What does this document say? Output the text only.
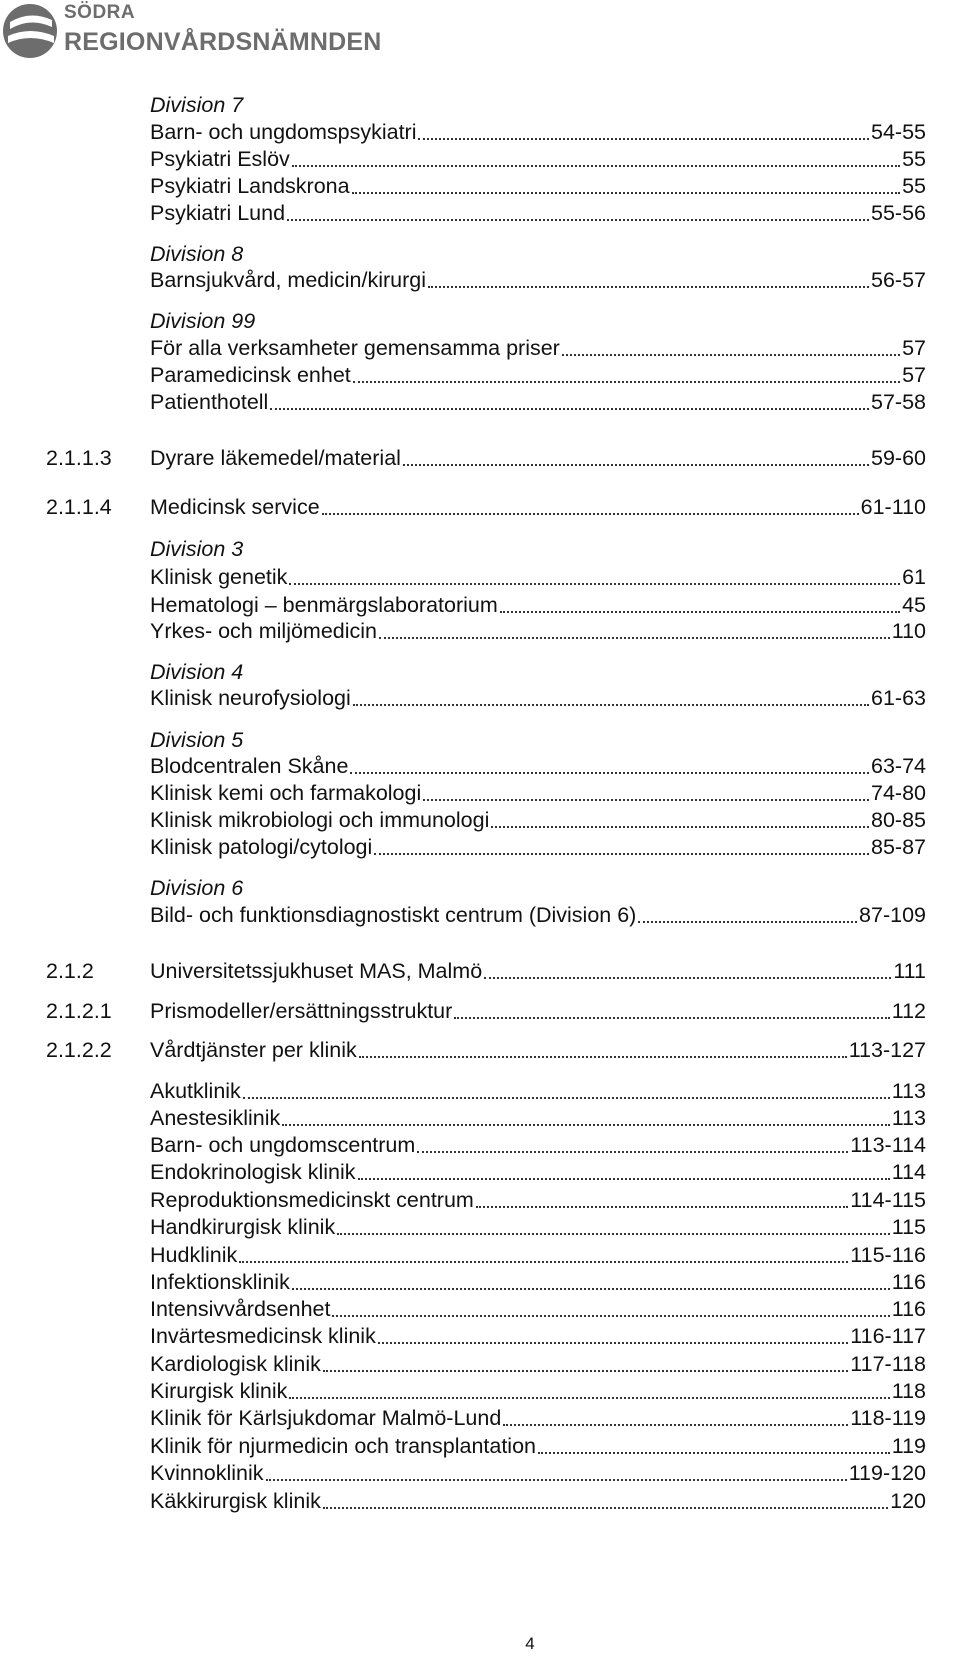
SÖDRA
REGIONVÅRDSNÄMNDEN
Division 7
Barn- och ungdomspsykiatri	54-55
Psykiatri Eslöv	55
Psykiatri Landskrona	55
Psykiatri Lund	55-56
Division 8
Barnsjukvård, medicin/kirurgi	56-57
Division 99
För alla verksamheter gemensamma priser	57
Paramedicinsk enhet	57
Patienthotell	57-58
2.1.1.3 Dyrare läkemedel/material	59-60
2.1.1.4 Medicinsk service	61-110
Division 3
Klinisk genetik	61
Hematologi – benmärgslaboratorium	45
Yrkes- och miljömedicin	110
Division 4
Klinisk neurofysiologi	61-63
Division 5
Blodcentralen Skåne	63-74
Klinisk kemi och farmakologi	74-80
Klinisk mikrobiologi och immunologi	80-85
Klinisk patologi/cytologi	85-87
Division 6
Bild- och funktionsdiagnostiskt centrum (Division 6)	87-109
2.1.2	Universitetssjukhuset MAS, Malmö	111
2.1.2.1 Prismodeller/ersättningsstruktur	112
2.1.2.2 Vårdtjänster per klinik	113-127
Akutklinik	113
Anestesiklinik	113
Barn- och ungdomscentrum	113-114
Endokrinologisk klinik	114
Reproduktionsmedicinskt centrum	114-115
Handkirurgisk klinik	115
Hudklinik	115-116
Infektionsklinik	116
Intensivvårdsenhet	116
Invärtesmedicinsk klinik	116-117
Kardiologisk klinik	117-118
Kirurgisk klinik	118
Klinik för Kärlsjukdomar Malmö-Lund	118-119
Klinik för njurmedicin och transplantation	119
Kvinnoklinik	119-120
Käkkirurgisk klinik	120
4
